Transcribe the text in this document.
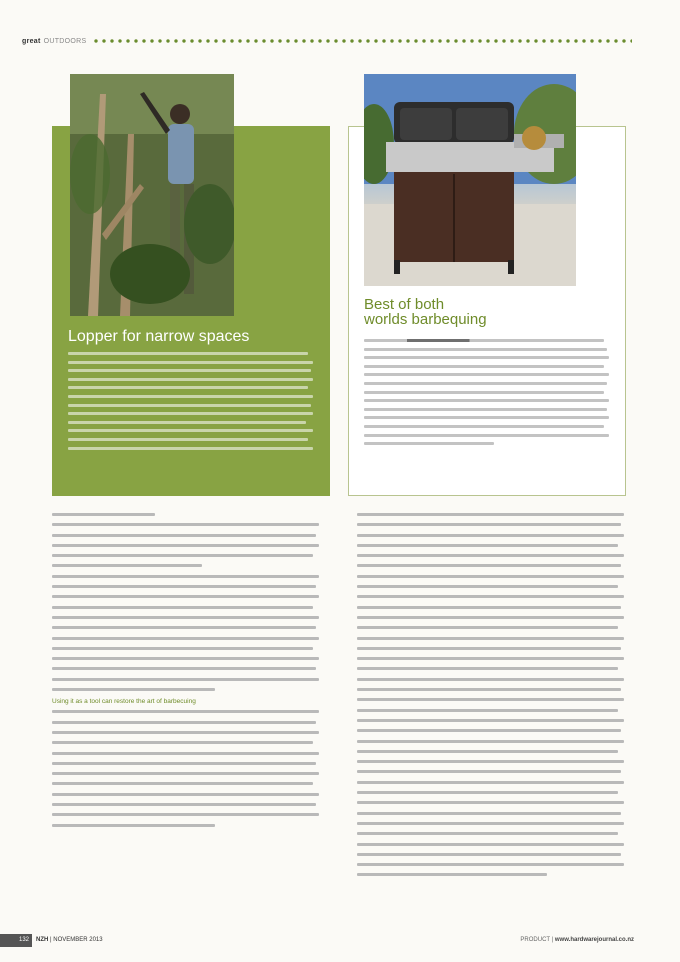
great OUTDOORS
Lopper for narrow spaces
Best of both
worlds barbequing
Using it as a tool can restore the art of barbecuing
132	NZH | NOVEMBER 2013	PRODUCT | www.hardwarejournal.co.nz
